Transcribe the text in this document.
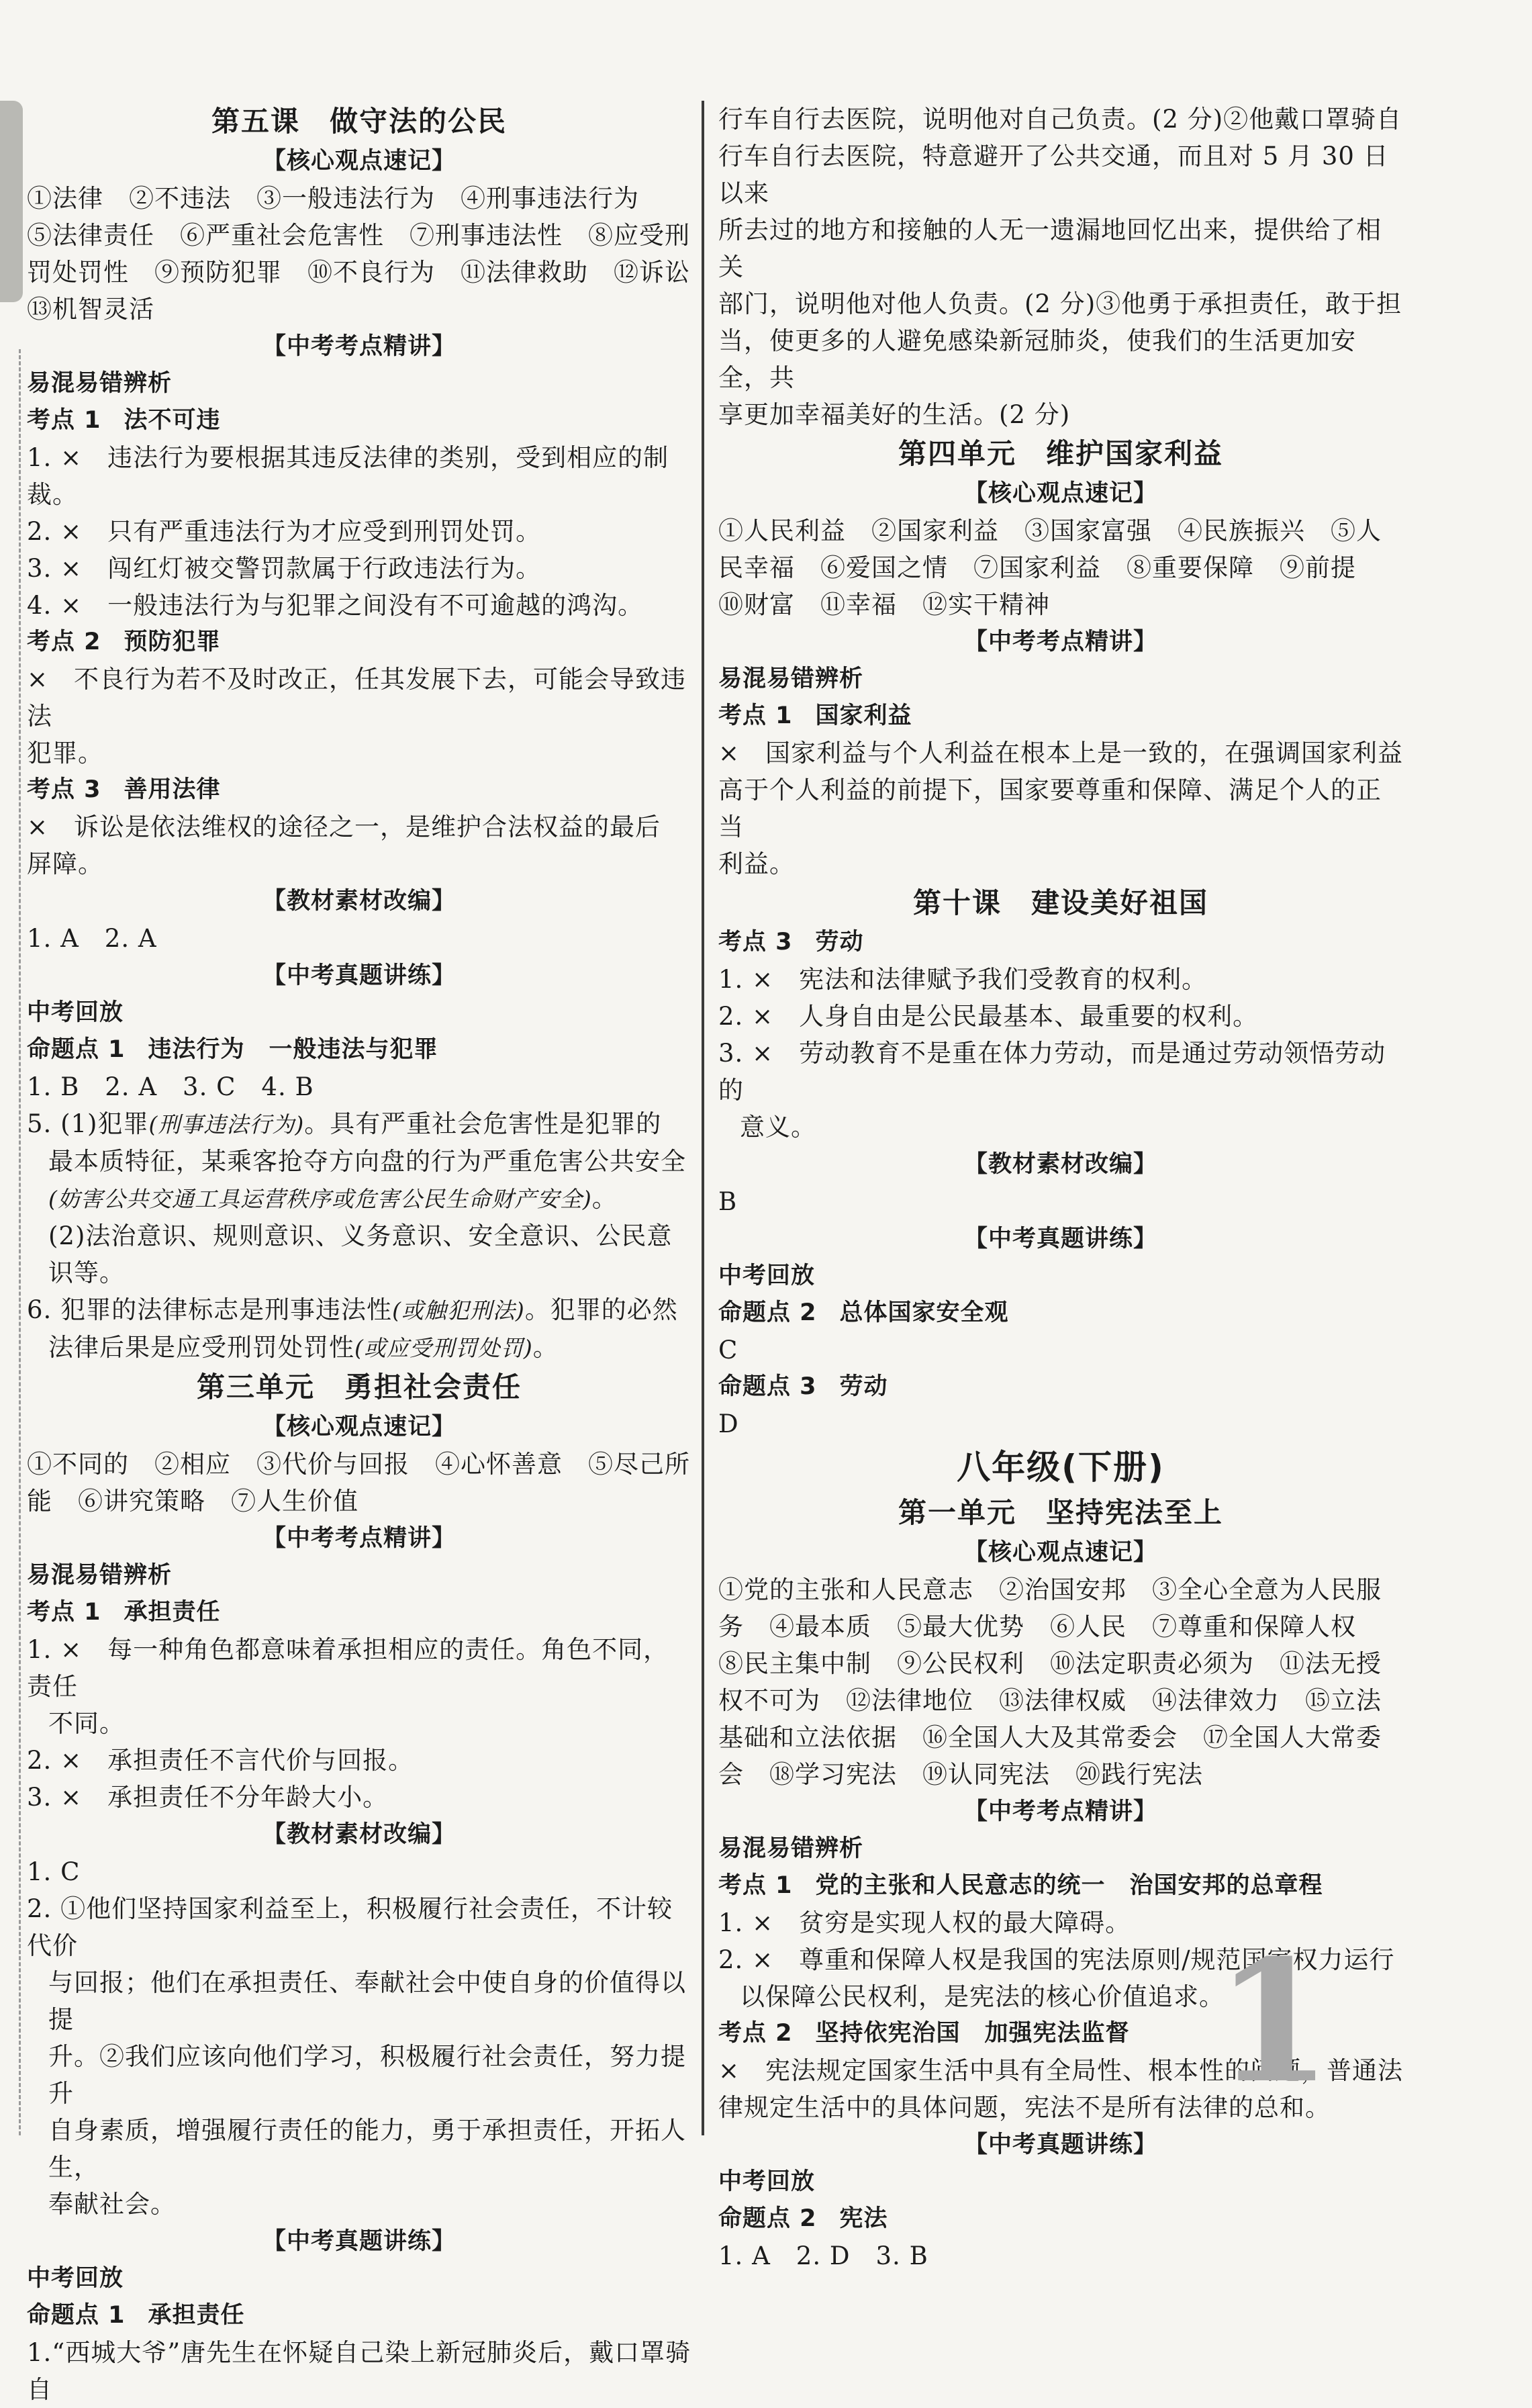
第五课　做守法的公民
【核心观点速记】

①法律　②不违法　③一般违法行为　④刑事违法行为

⑤法律责任　⑥严重社会危害性　⑦刑事违法性　⑧应受刑

罚处罚性　⑨预防犯罪　⑩不良行为　⑪法律救助　⑫诉讼

⑬机智灵活

【中考考点精讲】
易混易错辨析
考点 1 法不可违

1. ×　违法行为要根据其违反法律的类别，受到相应的制裁。

2. ×　只有严重违法行为才应受到刑罚处罚。

3. ×　闯红灯被交警罚款属于行政违法行为。

4. ×　一般违法行为与犯罪之间没有不可逾越的鸿沟。

考点 2 预防犯罪

×　不良行为若不及时改正，任其发展下去，可能会导致违法

犯罪。

考点 3 善用法律

×　诉讼是依法维权的途径之一，是维护合法权益的最后

屏障。

【教材素材改编】

1. A　2. A

【中考真题讲练】
中考回放
命题点 1 违法行为　一般违法与犯罪

1. B　2. A　3. C　4. B

5. (1)犯罪(刑事违法行为)。具有严重社会危害性是犯罪的

最本质特征，某乘客抢夺方向盘的行为严重危害公共安全

(妨害公共交通工具运营秩序或危害公民生命财产安全)。

(2)法治意识、规则意识、义务意识、安全意识、公民意识等。

6. 犯罪的法律标志是刑事违法性(或触犯刑法)。犯罪的必然

法律后果是应受刑罚处罚性(或应受刑罚处罚)。

第三单元　勇担社会责任
【核心观点速记】

①不同的　②相应　③代价与回报　④心怀善意　⑤尽己所

能　⑥讲究策略　⑦人生价值

【中考考点精讲】
易混易错辨析
考点 1 承担责任

1. ×　每一种角色都意味着承担相应的责任。角色不同，责任

不同。

2. ×　承担责任不言代价与回报。

3. ×　承担责任不分年龄大小。

【教材素材改编】

1. C

2. ①他们坚持国家利益至上，积极履行社会责任，不计较代价

与回报；他们在承担责任、奉献社会中使自身的价值得以提

升。②我们应该向他们学习，积极履行社会责任，努力提升

自身素质，增强履行责任的能力，勇于承担责任，开拓人生，

奉献社会。

【中考真题讲练】
中考回放
命题点 1 承担责任

1.“西城大爷”唐先生在怀疑自己染上新冠肺炎后，戴口罩骑自

行车自行去医院，说明他对自己负责。(2 分)②他戴口罩骑自

行车自行去医院，特意避开了公共交通，而且对 5 月 30 日以来

所去过的地方和接触的人无一遗漏地回忆出来，提供给了相关

部门，说明他对他人负责。(2 分)③他勇于承担责任，敢于担

当，使更多的人避免感染新冠肺炎，使我们的生活更加安全，共

享更加幸福美好的生活。(2 分)

第四单元　维护国家利益
【核心观点速记】

①人民利益　②国家利益　③国家富强　④民族振兴　⑤人

民幸福　⑥爱国之情　⑦国家利益　⑧重要保障　⑨前提

⑩财富　⑪幸福　⑫实干精神

【中考考点精讲】
易混易错辨析
考点 1 国家利益

×　国家利益与个人利益在根本上是一致的，在强调国家利益

高于个人利益的前提下，国家要尊重和保障、满足个人的正当

利益。

第十课　建设美好祖国
考点 3 劳动

1. ×　宪法和法律赋予我们受教育的权利。

2. ×　人身自由是公民最基本、最重要的权利。

3. ×　劳动教育不是重在体力劳动，而是通过劳动领悟劳动的

意义。

【教材素材改编】

B

【中考真题讲练】
中考回放
命题点 2 总体国家安全观

C

命题点 3 劳动

D

八年级(下册)
第一单元　坚持宪法至上
【核心观点速记】

①党的主张和人民意志　②治国安邦　③全心全意为人民服

务　④最本质　⑤最大优势　⑥人民　⑦尊重和保障人权

⑧民主集中制　⑨公民权利　⑩法定职责必须为　⑪法无授

权不可为　⑫法律地位　⑬法律权威　⑭法律效力　⑮立法

基础和立法依据　⑯全国人大及其常委会　⑰全国人大常委

会　⑱学习宪法　⑲认同宪法　⑳践行宪法

【中考考点精讲】
易混易错辨析
考点 1 党的主张和人民意志的统一　治国安邦的总章程

1. ×　贫穷是实现人权的最大障碍。

2. ×　尊重和保障人权是我国的宪法原则/规范国家权力运行

以保障公民权利，是宪法的核心价值追求。

考点 2 坚持依宪治国　加强宪法监督

×　宪法规定国家生活中具有全局性、根本性的问题，普通法

律规定生活中的具体问题，宪法不是所有法律的总和。

【中考真题讲练】
中考回放
命题点 2 宪法

1. A　2. D　3. B

1
